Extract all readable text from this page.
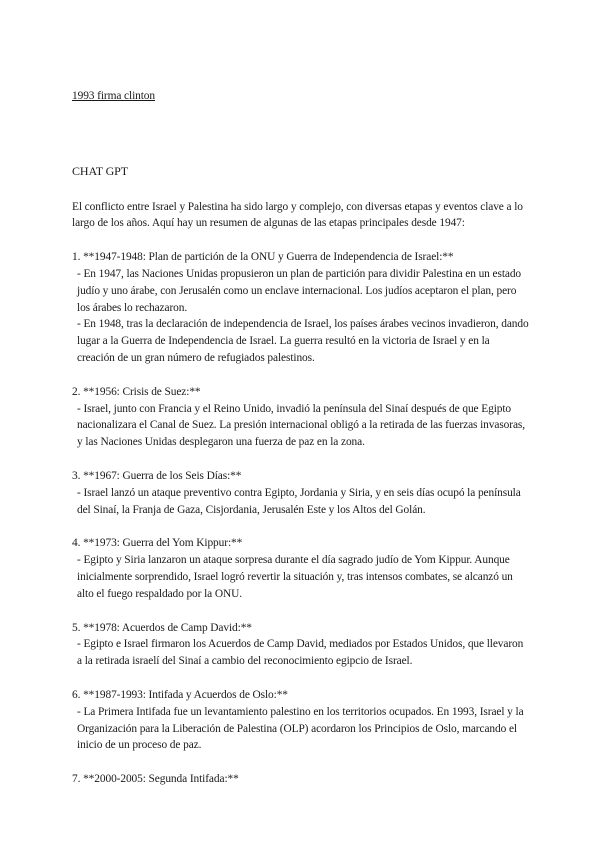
1993 firma clinton

CHAT GPT

El conflicto entre Israel y Palestina ha sido largo y complejo, con diversas etapas y eventos clave a lo largo de los años. Aquí hay un resumen de algunas de las etapas principales desde 1947:

1. **1947-1948: Plan de partición de la ONU y Guerra de Independencia de Israel:**

- En 1947, las Naciones Unidas propusieron un plan de partición para dividir Palestina en un estado judío y uno árabe, con Jerusalén como un enclave internacional. Los judíos aceptaron el plan, pero los árabes lo rechazaron.

- En 1948, tras la declaración de independencia de Israel, los países árabes vecinos invadieron, dando lugar a la Guerra de Independencia de Israel. La guerra resultó en la victoria de Israel y en la creación de un gran número de refugiados palestinos.

2. **1956: Crisis de Suez:**

- Israel, junto con Francia y el Reino Unido, invadió la península del Sinaí después de que Egipto nacionalizara el Canal de Suez. La presión internacional obligó a la retirada de las fuerzas invasoras, y las Naciones Unidas desplegaron una fuerza de paz en la zona.

3. **1967: Guerra de los Seis Días:**

- Israel lanzó un ataque preventivo contra Egipto, Jordania y Siria, y en seis días ocupó la península del Sinaí, la Franja de Gaza, Cisjordania, Jerusalén Este y los Altos del Golán.

4. **1973: Guerra del Yom Kippur:**

- Egipto y Siria lanzaron un ataque sorpresa durante el día sagrado judío de Yom Kippur. Aunque inicialmente sorprendido, Israel logró revertir la situación y, tras intensos combates, se alcanzó un alto el fuego respaldado por la ONU.

5. **1978: Acuerdos de Camp David:**

- Egipto e Israel firmaron los Acuerdos de Camp David, mediados por Estados Unidos, que llevaron a la retirada israelí del Sinaí a cambio del reconocimiento egipcio de Israel.

6. **1987-1993: Intifada y Acuerdos de Oslo:**

- La Primera Intifada fue un levantamiento palestino en los territorios ocupados. En 1993, Israel y la Organización para la Liberación de Palestina (OLP) acordaron los Principios de Oslo, marcando el inicio de un proceso de paz.

7. **2000-2005: Segunda Intifada:**
